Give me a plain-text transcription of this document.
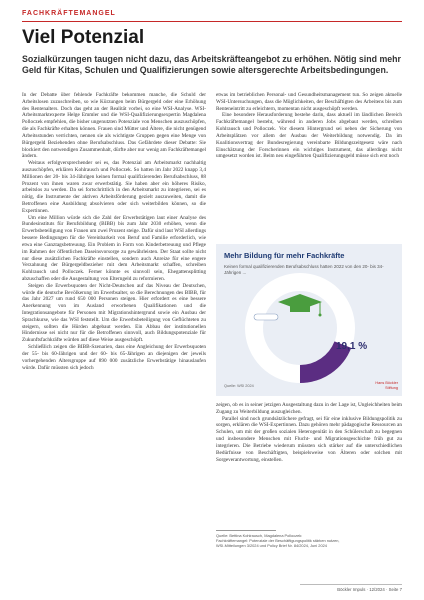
FACHKRÄFTEMANGEL
Viel Potenzial
Sozialkürzungen taugen nicht dazu, das Arbeitskräfteangebot zu erhöhen. Nötig sind mehr Geld für Kitas, Schulen und Qualifizierungen sowie altersgerechte Arbeitsbedingungen.

In der Debatte über fehlende Fachkräfte bekommen manche, die Schuld der Arbeitslosen zuzuschreiben, so wie Kürzungen beim Bürgergeld oder eine Erhöhung des Rentenalters. Doch das geht an der Realität vorbei, so eine WSI-Analyse. WSI-Arbeitsmarktexperte Helge Emmler und die WSI-Qualifizierungsexpertin Magdalena Polloczek empfehlen, die bisher ungenutzten Potenziale von Menschen auszuschöpfen, die als Fachkräfte erhalten können. Frauen sind Mütter und Ältere, die nicht genügend Arbeitsstunden verrichten, nennen sie als wichtigste Gruppen gegen eine Menge von Bürgergeld Beziehenden ohne Berufsabschluss. Das Gefährdete dieser Debatte: Sie blockiert den notwendigen Zusammenhalt, dürfte aber nur wenig am Fachkräftemangel ändern.

Weitaus erfolgversprechender sei es, das Potenzial am Arbeitsmarkt nachhaltig auszuschöpfen, erklären Kohlrausch und Polloczek. So hatten im Jahr 2022 knapp 3,4 Millionen der 20- bis 34-Jährigen keinen formal qualifizierenden Berufsabschluss, 88 Prozent von ihnen waren zwar erwerbstätig. Sie haben aber ein höheres Risiko, arbeitslos zu werden. Da sei fortschrittlich in den Arbeitsmarkt zu integrieren, sei es nötig, die Instrumente der aktiven Arbeitsförderung gezielt auszuweiten, damit die Betroffenen eine Ausbildung absolvieren oder sich weiterbilden können, so die Expertinnen.

Um eine Million würde sich die Zahl der Erwerbstätigen laut einer Analyse des Bundesinstituts für Berufsbildung (BIBB) bis zum Jahr 2030 erhöhen, wenn die Erwerbsbeteiligung von Frauen um zwei Prozent steige. Dafür sind laut WSI allerdings bessere Bedingungen für die Vereinbarkeit von Beruf und Familie erforderlich, wie etwa eine Ganztagsbetreuung. Ein Problem in Form von Kinderbetreuung und Pflege im Rahmen der öffentlichen Daseinsvorsorge zu gewährleisten. Der Staat sollte nicht nur diese zusätzlichen Fachkräfte einstellen, sondern auch Anreize für eine engere Verzahnung der Bürgergeldbezieher mit dem Arbeitsmarkt schaffen, schreiben Kohlrausch und Polloczek. Ferner könnte es sinnvoll sein, Ehegattensplitting abzuschaffen oder die Ausgestaltung von Elterngeld zu reformieren.

Steigen die Erwerbsquoten der Nicht-Deutschen auf das Niveau der Deutschen, würde die deutsche Bevölkerung im Erwerbsalter, so die Berechnungen des BIBB, für das Jahr 2027 um rund 650 000 Personen steigen. Hier erfordert es eine bessere Anerkennung von im Ausland erworbenen Qualifikationen und die Integrationsangebote für Personen mit Migrationshintergrund sowie ein Ausbau der Sprachkurse, wie das WSI feststellt. Um die Erwerbsbeteiligung von Geflüchteten zu steigern, sollten die Hürden abgebaut werden. Ein Abbau der institutionellen Hindernisse sei nicht nur für die Betroffenen sinnvoll, auch Bildungspotenziale für Zukunftsfachkräfte würden auf diese Weise ausgeschöpft.

Schließlich zeigen die BIBB-Szenarien, dass eine Angleichung der Erwerbsquoten der 55- bis 60-Jährigen und der 60- bis 65-Jährigen an diejenigen der jeweils vorhergehenden Altersgruppe auf 890 000 zusätzliche Erwerbstätige hinauslaufen würde. Dafür müssten sich jedoch

etwas im betrieblichen Personal- und Gesundheitsmanagement tun. So zeigen aktuelle WSI-Untersuchungen, dass die Möglichkeiten, der Beschäftigten des Arbeitens bis zum Renteneintritt zu erleichtern, momentan nicht ausgeschöpft werden.

Eine besondere Herausforderung bestehe darin, dass aktuell im ländlichen Bereich Fachkräftemangel besteht, während in anderen Jobs abgebaut werden, schreiben Kohlrausch und Polloczek. Vor diesem Hintergrund sei neben der Sicherung von Arbeitsplätzen vor allem der Ausbau der Weiterbildung notwendig. Da im Koalitionsvertrag der Bundesregierung vereinbarte Bildungszeitgesetz wäre nach Einschätzung der Forscherinnen ein wichtiges Instrument, das allerdings nicht umgesetzt worden ist. Beim neu eingeführten Qualifizierungsgeld müsse sich erst noch

Mehr Bildung für mehr Fachkräfte
Keinen formal qualifizierenden Berufsabschluss hatten 2022 von den 20- bis 34-Jährigen ...
19,1 %
Quelle: WSI 2024
Hans Böckler Stiftung

zeigen, ob es in seiner jetzigen Ausgestaltung dazu in der Lage ist, Ungleichheiten beim Zugang zu Weiterbildung auszugleichen.

Parallel sind noch grundsätzlichere gefragt, sei für eine inklusive Bildungspolitik zu sorgen, erklären die WSI-Expertinnen. Dazu gehören mehr pädagogische Ressourcen an Schulen, um mit der großen sozialen Heterogenität in den Schülerschaft zu begegnen und insbesondere Menschen mit Flucht- und Migrationsgeschichte früh gut zu integrieren. Die Betriebe wiederum müssten sich stärker auf die unterschiedlichen Bedürfnisse von Beschäftigten, beispielsweise von Älteren oder solchen mit Sorgeverantwortung, einstellen.

Quelle: Bettina Kohlrausch, Magdalena Polloczek:
Fachkräftemangel: Potenziale der Beschäftigungspolitik stärken nutzen,
WSI-Mitteilungen 3/2024 und Policy Brief Nr. 84/2024, Juni 2024
Böckler Impuls · 12/2024 · Seite 7
